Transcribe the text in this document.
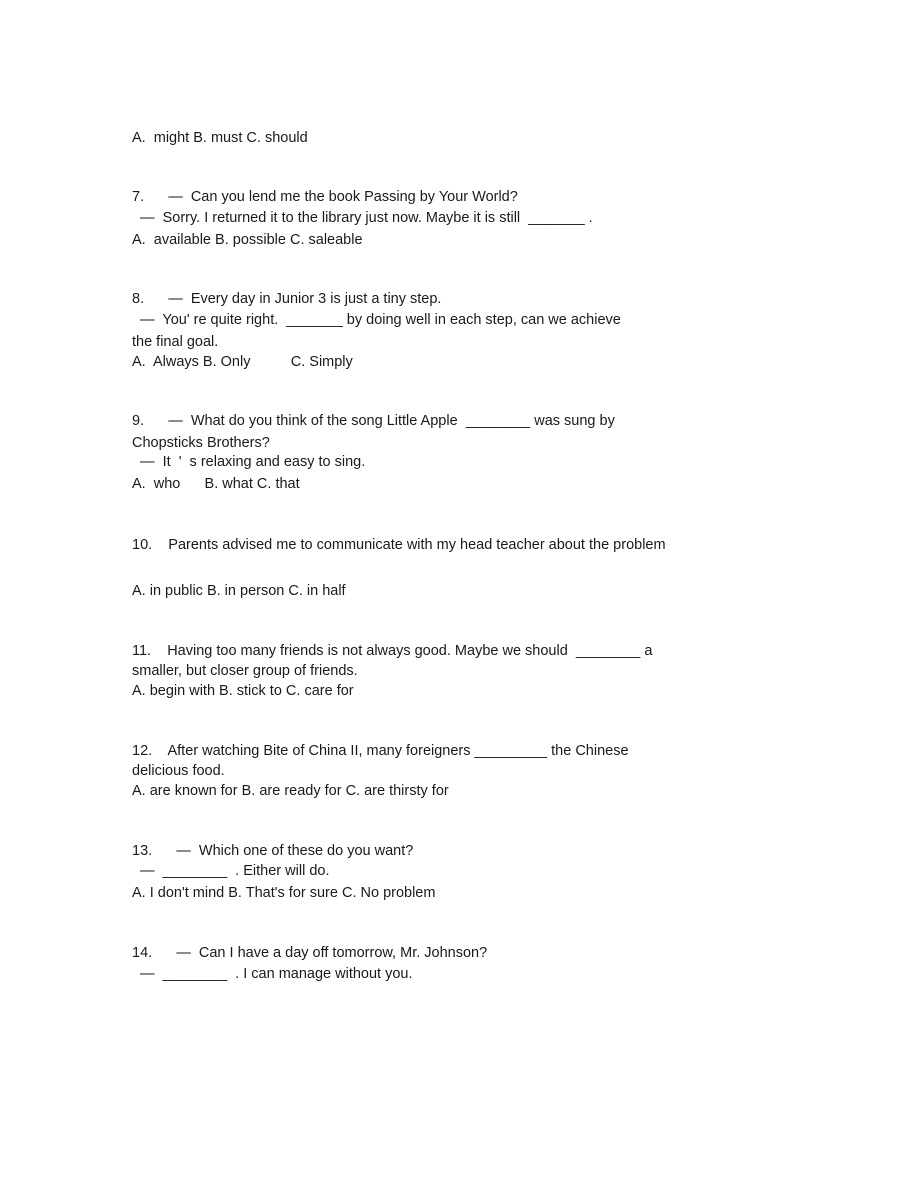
A.  might B. must C. should
7.      —  Can you lend me the book Passing by Your World?
—  Sorry. I returned it to the library just now. Maybe it is still  _______ .
A.  available B. possible C. saleable
8.      —  Every day in Junior 3 is just a tiny step.
—  You' re quite right.  _______ by doing well in each step, can we achieve
the final goal.
A.  Always B. Only          C. Simply
9.      —  What do you think of the song Little Apple  ________ was sung by
Chopsticks Brothers?
—  It  '  s relaxing and easy to sing.
A.  who      B. what C. that
10.    Parents advised me to communicate with my head teacher about the problem
A. in public B. in person C. in half
11.    Having too many friends is not always good. Maybe we should  ________ a
smaller, but closer group of friends.
A. begin with B. stick to C. care for
12.    After watching Bite of China II, many foreigners _________ the Chinese
delicious food.
A. are known for B. are ready for C. are thirsty for
13.      —  Which one of these do you want?
—  ________  . Either will do.
A. I don't mind B. That's for sure C. No problem
14.      —  Can I have a day off tomorrow, Mr. Johnson?
—  ________  . I can manage without you.
